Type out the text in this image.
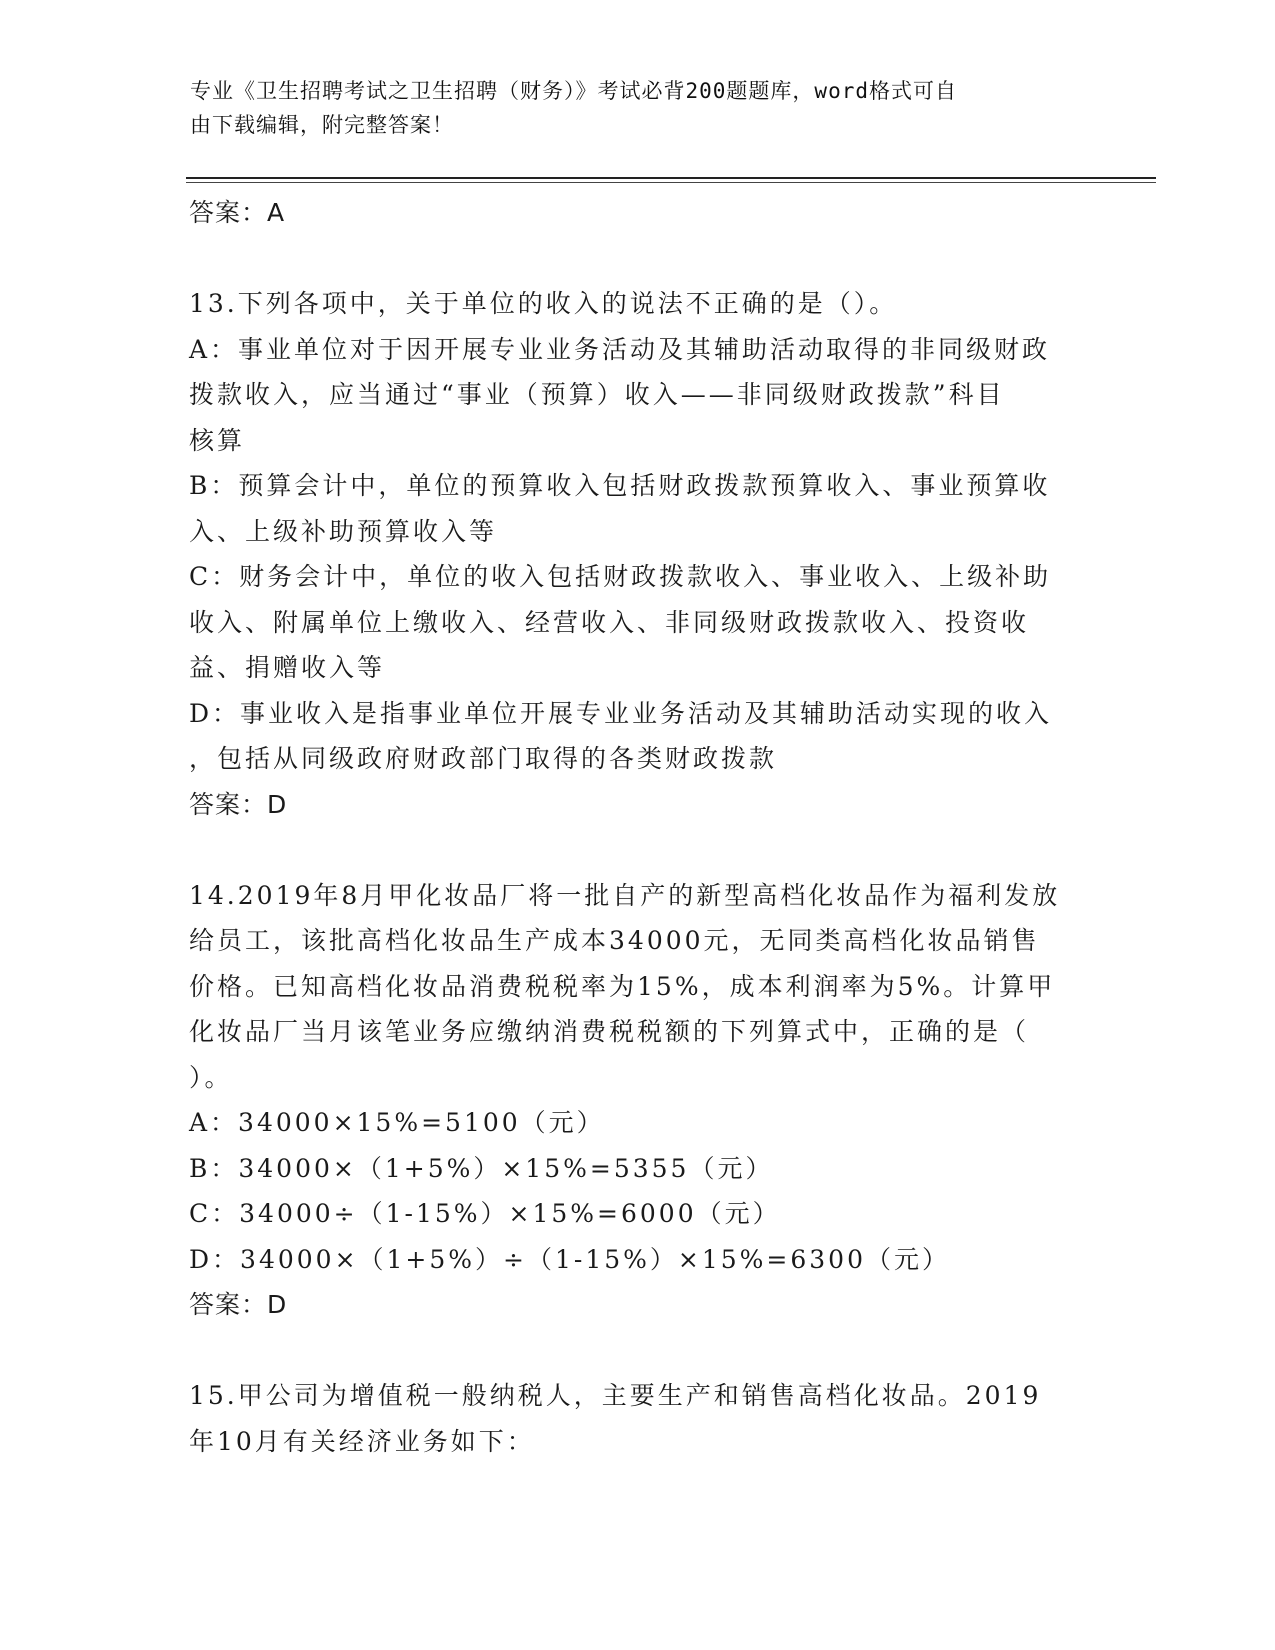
专业《卫生招聘考试之卫生招聘（财务）》考试必背200题题库，word格式可自
由下载编辑，附完整答案！
答案：A
13.下列各项中，关于单位的收入的说法不正确的是（）。
A：事业单位对于因开展专业业务活动及其辅助活动取得的非同级财政
拨款收入，应当通过“事业（预算）收入——非同级财政拨款”科目
核算
B：预算会计中，单位的预算收入包括财政拨款预算收入、事业预算收
入、上级补助预算收入等
C：财务会计中，单位的收入包括财政拨款收入、事业收入、上级补助
收入、附属单位上缴收入、经营收入、非同级财政拨款收入、投资收
益、捐赠收入等
D：事业收入是指事业单位开展专业业务活动及其辅助活动实现的收入
，包括从同级政府财政部门取得的各类财政拨款
答案：D
14.2019年8月甲化妆品厂将一批自产的新型高档化妆品作为福利发放
给员工，该批高档化妆品生产成本34000元，无同类高档化妆品销售
价格。已知高档化妆品消费税税率为15%，成本利润率为5%。计算甲
化妆品厂当月该笔业务应缴纳消费税税额的下列算式中，正确的是（
）。
A：34000×15%=5100（元）
B：34000×（1+5%）×15%=5355（元）
C：34000÷（1-15%）×15%=6000（元）
D：34000×（1+5%）÷（1-15%）×15%=6300（元）
答案：D
15.甲公司为增值税一般纳税人，主要生产和销售高档化妆品。2019
年10月有关经济业务如下：
